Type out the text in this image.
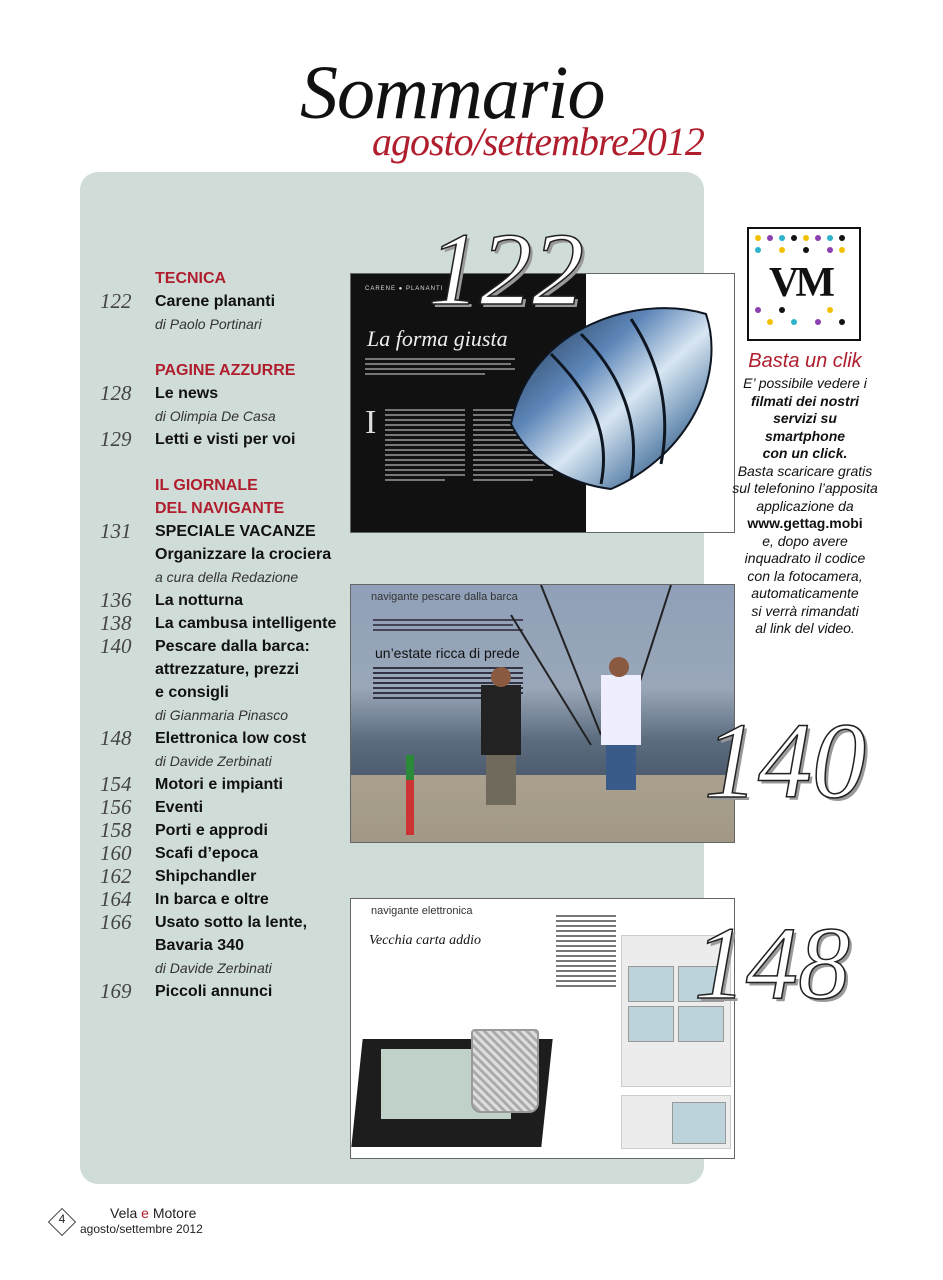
Sommario
agosto/settembre2012
TECNICA
122	Carene plananti
di Paolo Portinari
PAGINE AZZURRE
128	Le news
di Olimpia De Casa
129	Letti e visti per voi
IL GIORNALE
DEL NAVIGANTE
131	SPECIALE VACANZE
Organizzare la crociera
a cura della Redazione
136	La notturna
138	La cambusa intelligente
140	Pescare dalla barca:
attrezzature, prezzi
e consigli
di Gianmaria Pinasco
148	Elettronica low cost
di Davide Zerbinati
154	Motori e impianti
156	Eventi
158	Porti e approdi
160	Scafi d’epoca
162	Shipchandler
164	In barca e oltre
166	Usato sotto la lente,
Bavaria 340
di Davide Zerbinati
169	Piccoli annunci
CARENE ● PLANANTI
La forma giusta
I
navigante pescare dalla barca
un’estate ricca di prede
navigante elettronica
Vecchia carta addio
122
140
148
VM
Basta un clik
E’ possibile vedere i
filmati dei nostri
servizi su
smartphone
con un click.
Basta scaricare gratis
sul telefonino l’apposita
applicazione da
www.gettag.mobi
e, dopo avere
inquadrato il codice
con la fotocamera,
automaticamente
si verrà rimandati
al link del video.
4	Vela e Motore
agosto/settembre 2012
